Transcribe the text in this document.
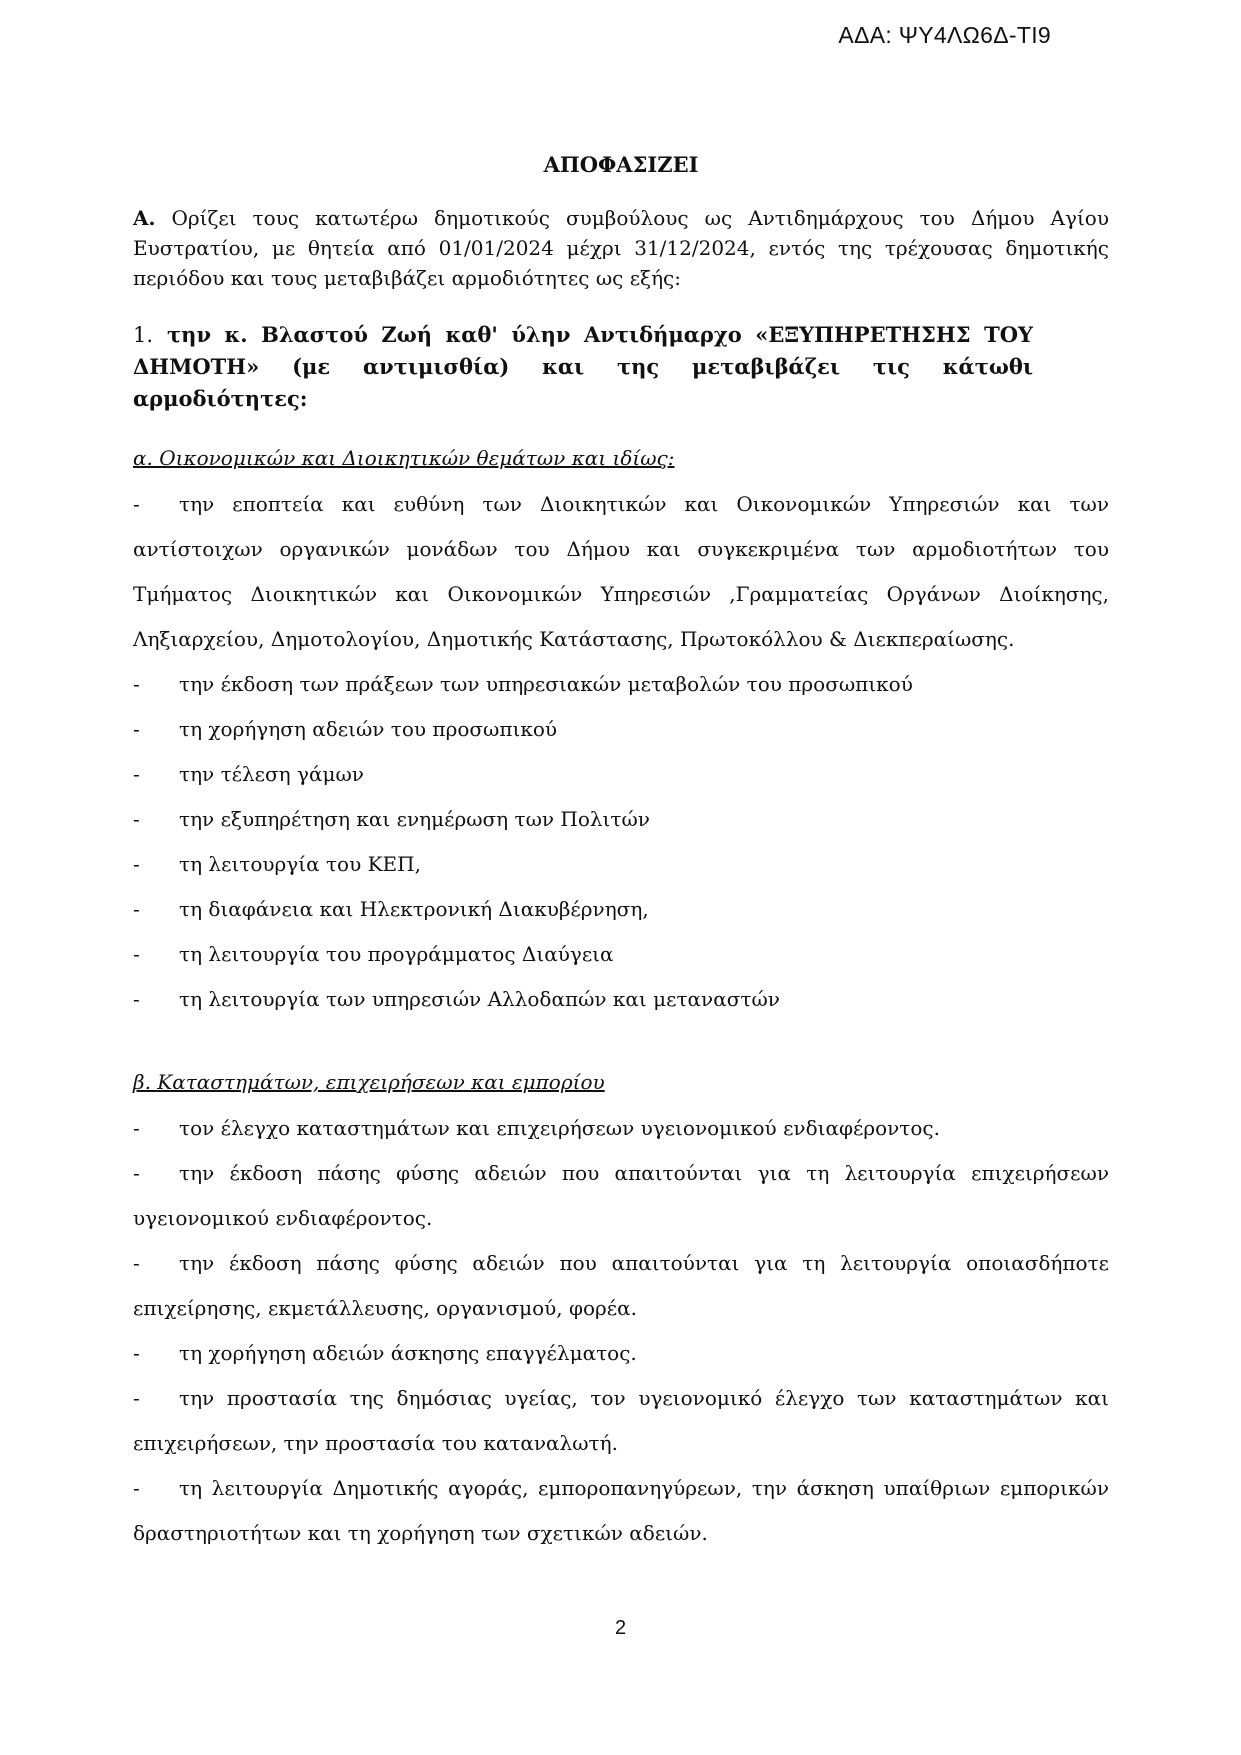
ΑΔΑ: ΨΥ4ΛΩ6Δ-ΤΙ9
ΑΠΟΦΑΣΙΖΕΙ

Α. Ορίζει τους κατωτέρω δημοτικούς συμβούλους ως Αντιδημάρχους του Δήμου Αγίου Ευστρατίου, με θητεία από 01/01/2024 μέχρι 31/12/2024, εντός της τρέχουσας δημοτικής περιόδου και τους μεταβιβάζει αρμοδιότητες ως εξής:

1. την κ. Βλαστού Ζωή καθ' ύλην Αντιδήμαρχο «ΕΞΥΠΗΡΕΤΗΣΗΣ ΤΟΥ ΔΗΜΟΤΗ» (με αντιμισθία) και της μεταβιβάζει τις κάτωθι αρμοδιότητες:

α. Οικονομικών και Διοικητικών θεμάτων και ιδίως:
- την εποπτεία και ευθύνη των Διοικητικών και Οικονομικών Υπηρεσιών και των αντίστοιχων οργανικών μονάδων του Δήμου και συγκεκριμένα των αρμοδιοτήτων του Τμήματος Διοικητικών και Οικονομικών Υπηρεσιών ,Γραμματείας Οργάνων Διοίκησης, Ληξιαρχείου, Δημοτολογίου, Δημοτικής Κατάστασης, Πρωτοκόλλου & Διεκπεραίωσης.
- την έκδοση των πράξεων των υπηρεσιακών μεταβολών του προσωπικού
- τη χορήγηση αδειών του προσωπικού
- την τέλεση γάμων
- την εξυπηρέτηση και ενημέρωση των Πολιτών
- τη λειτουργία του ΚΕΠ,
- τη διαφάνεια και Ηλεκτρονική Διακυβέρνηση,
- τη λειτουργία του προγράμματος Διαύγεια
- τη λειτουργία των υπηρεσιών Αλλοδαπών και μεταναστών
β. Καταστημάτων, επιχειρήσεων και εμπορίου
- τον έλεγχο καταστημάτων και επιχειρήσεων υγειονομικού ενδιαφέροντος.
- την έκδοση πάσης φύσης αδειών που απαιτούνται για τη λειτουργία επιχειρήσεων υγειονομικού ενδιαφέροντος.
- την έκδοση πάσης φύσης αδειών που απαιτούνται για τη λειτουργία οποιασδήποτε επιχείρησης, εκμετάλλευσης, οργανισμού, φορέα.
- τη χορήγηση αδειών άσκησης επαγγέλματος.
- την προστασία της δημόσιας υγείας, τον υγειονομικό έλεγχο των καταστημάτων και επιχειρήσεων, την προστασία του καταναλωτή.
- τη λειτουργία Δημοτικής αγοράς, εμποροπανηγύρεων, την άσκηση υπαίθριων εμπορικών δραστηριοτήτων και τη χορήγηση των σχετικών αδειών.
2
